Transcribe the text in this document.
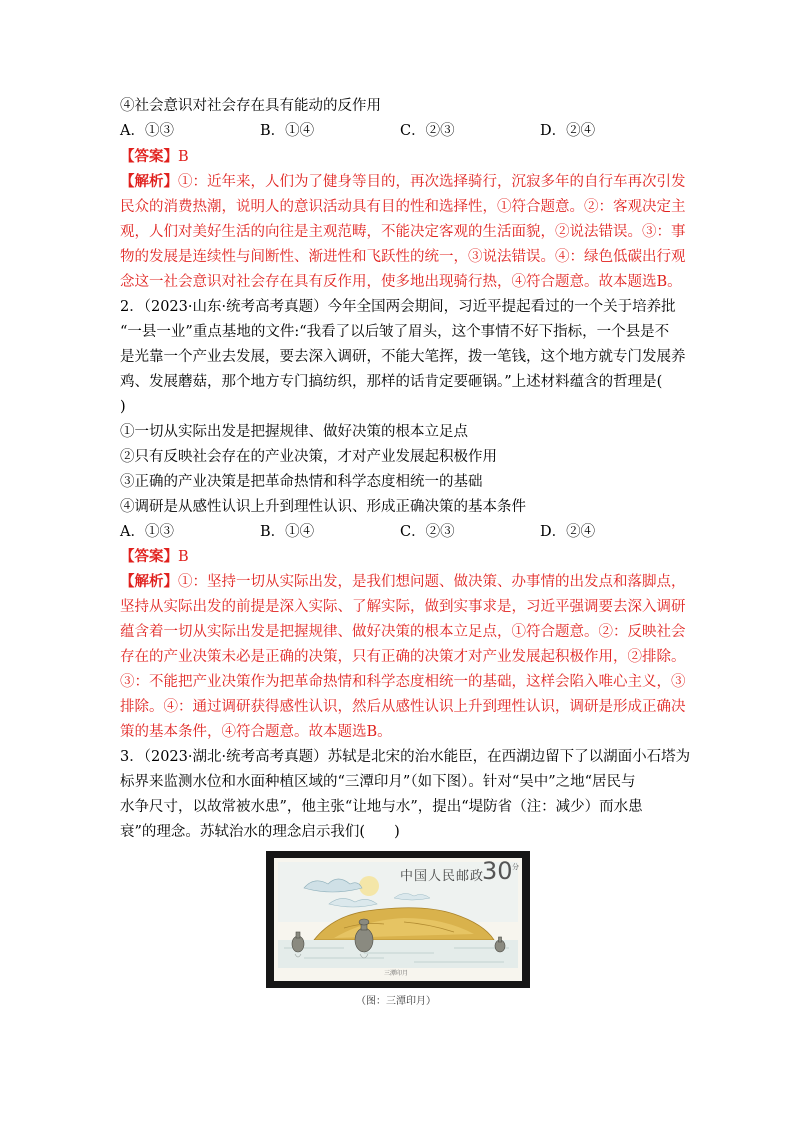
④社会意识对社会存在具有能动的反作用
A．①③	B．①④	C．②③	D．②④
【答案】B
【解析】①：近年来，人们为了健身等目的，再次选择骑行，沉寂多年的自行车再次引发
民众的消费热潮，说明人的意识活动具有目的性和选择性，①符合题意。②：客观决定主
观，人们对美好生活的向往是主观范畴，不能决定客观的生活面貌，②说法错误。③：事
物的发展是连续性与间断性、渐进性和飞跃性的统一，③说法错误。④：绿色低碳出行观
念这一社会意识对社会存在具有反作用，使多地出现骑行热，④符合题意。故本题选B。
2．（2023·山东·统考高考真题）今年全国两会期间，习近平提起看过的一个关于培养批
“一县一业”重点基地的文件:“我看了以后皱了眉头，这个事情不好下指标，一个县是不
是光靠一个产业去发展，要去深入调研，不能大笔挥，拨一笔钱，这个地方就专门发展养
鸡、发展蘑菇，那个地方专门搞纺织，那样的话肯定要砸锅。”上述材料蕴含的哲理是(
)
①一切从实际出发是把握规律、做好决策的根本立足点
②只有反映社会存在的产业决策，才对产业发展起积极作用
③正确的产业决策是把革命热情和科学态度相统一的基础
④调研是从感性认识上升到理性认识、形成正确决策的基本条件
A．①③	B．①④	C．②③	D．②④
【答案】B
【解析】①：坚持一切从实际出发，是我们想问题、做决策、办事情的出发点和落脚点，
坚持从实际出发的前提是深入实际、了解实际，做到实事求是，习近平强调要去深入调研
蕴含着一切从实际出发是把握规律、做好决策的根本立足点，①符合题意。②：反映社会
存在的产业决策未必是正确的决策，只有正确的决策才对产业发展起积极作用，②排除。
③：不能把产业决策作为把革命热情和科学态度相统一的基础，这样会陷入唯心主义，③
排除。④：通过调研获得感性认识，然后从感性认识上升到理性认识，调研是形成正确决
策的基本条件，④符合题意。故本题选B。
3．（2023·湖北·统考高考真题）苏轼是北宋的治水能臣，在西湖边留下了以湖面小石塔为
标界来监测水位和水面种植区域的“三潭印月”（如下图）。针对“吴中”之地“居民与
水争尺寸，以故常被水患”，他主张“让地与水”，提出“堤防省（注：减少）而水患
衰”的理念。苏轼治水的理念启示我们(　　)
中国人民邮政
30 分
三潭印月
（图：三潭印月）
